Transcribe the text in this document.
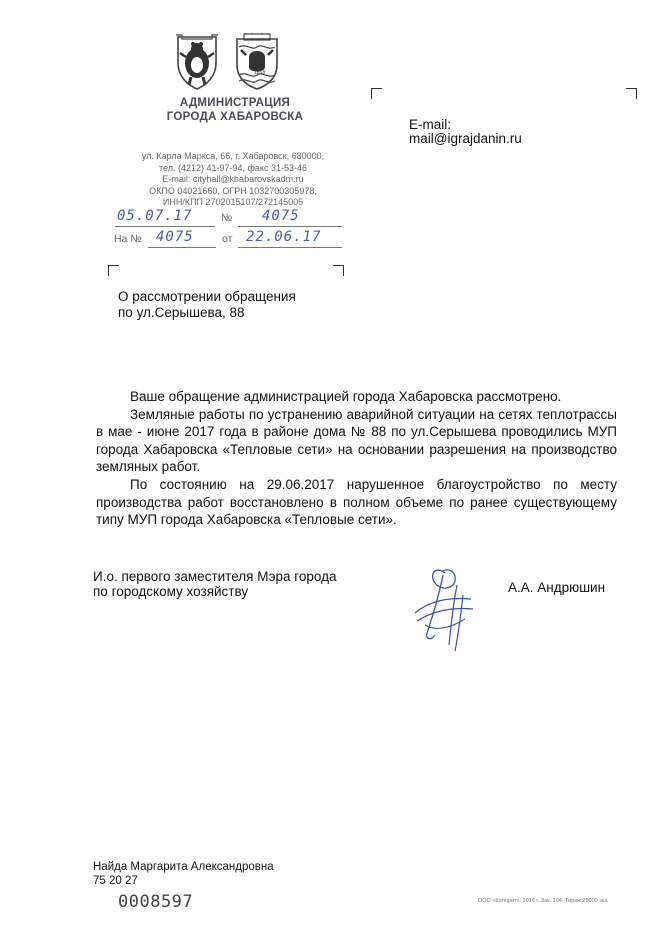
1858
АДМИНИСТРАЦИЯ
ГОРОДА ХАБАРОВСКА
ул. Карла Маркса, 66, г. Хабаровск, 680000,
тел. (4212) 41-97-94, факс 31-53-46
E-mail: cityhall@khabarovskadm.ru
ОКПО 04021660, ОГРН 1032700305978,
ИНН/КПП 2702015107/272145005
05.07.17	№ 4075
На № 4075	от 22.06.17
E-mail:
mail@igrajdanin.ru
О рассмотрении обращения
по ул.Серышева, 88

Ваше обращение администрацией города Хабаровска рассмотрено.

Земляные работы по устранению аварийной ситуации на сетях теплотрассы в мае - июне 2017 года в районе дома № 88 по ул.Серышева проводились МУП города Хабаровска «Тепловые сети» на основании разрешения на производство земляных работ.

По состоянию на 29.06.2017 нарушенное благоустройство по месту производства работ восстановлено в полном объеме по ранее существующему типу МУП города Хабаровска «Тепловые сети».

И.о. первого заместителя Мэра города
по городскому хозяйству	А.А. Андрюшин
Найда Маргарита Александровна
75 20 27
0008597	ООО «Колорит». 2016 г. Зак. 204. Тираж 25000 экз.
